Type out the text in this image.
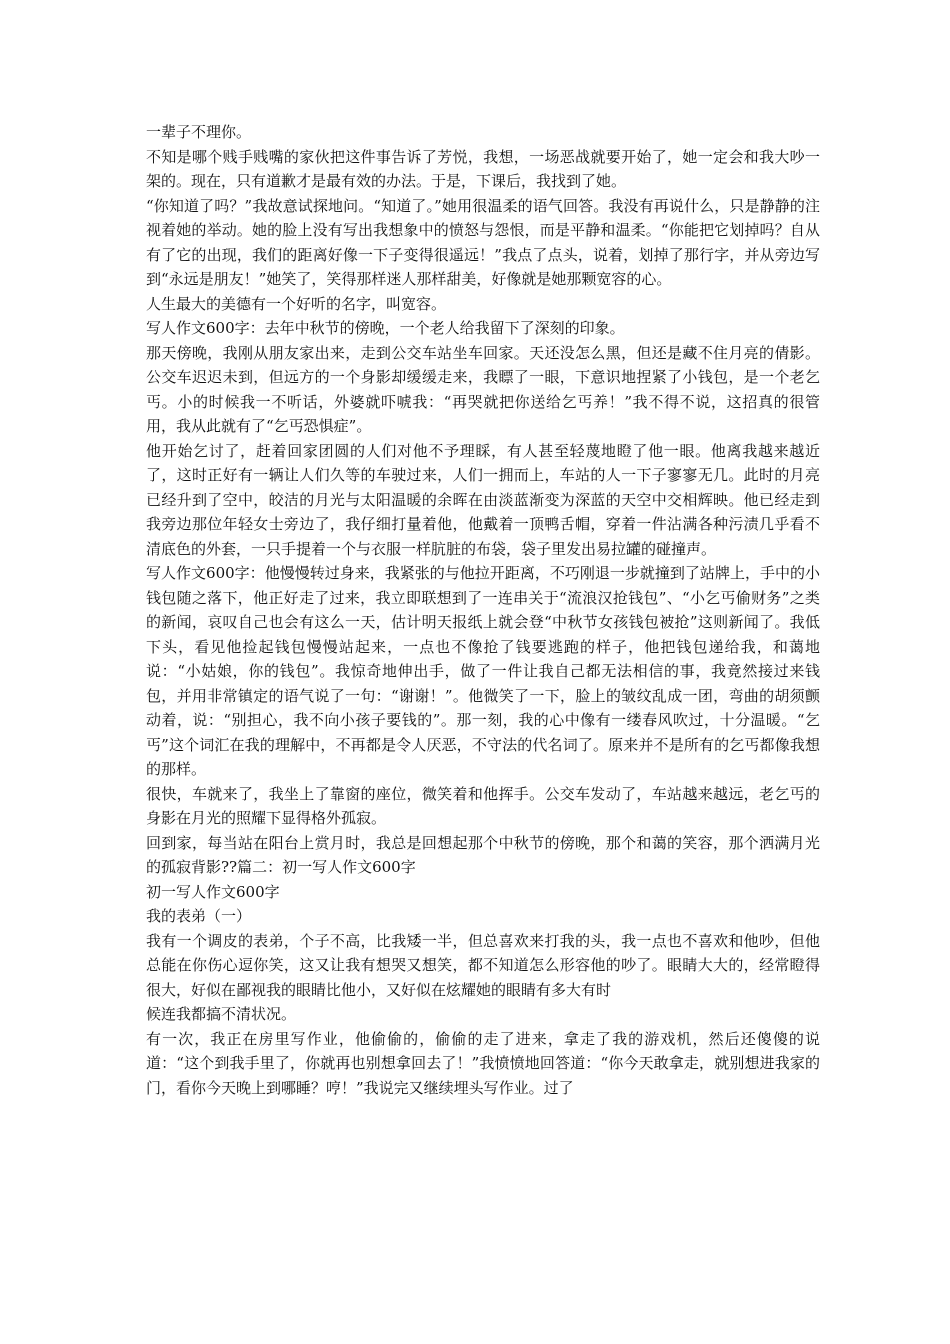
一辈子不理你。

不知是哪个贱手贱嘴的家伙把这件事告诉了芳悦，我想，一场恶战就要开始了，她一定会和我大吵一架的。现在，只有道歉才是最有效的办法。于是，下课后，我找到了她。

“你知道了吗？”我故意试探地问。“知道了。”她用很温柔的语气回答。我没有再说什么，只是静静的注视着她的举动。她的脸上没有写出我想象中的愤怒与怨恨，而是平静和温柔。“你能把它划掉吗？自从有了它的出现，我们的距离好像一下子变得很遥远！”我点了点头，说着，划掉了那行字，并从旁边写到“永远是朋友！”她笑了，笑得那样迷人那样甜美，好像就是她那颗宽容的心。

人生最大的美德有一个好听的名字，叫宽容。

写人作文600字：去年中秋节的傍晚，一个老人给我留下了深刻的印象。

那天傍晚，我刚从朋友家出来，走到公交车站坐车回家。天还没怎么黑，但还是藏不住月亮的倩影。公交车迟迟未到，但远方的一个身影却缓缓走来，我瞟了一眼，下意识地捏紧了小钱包，是一个老乞丐。小的时候我一不听话，外婆就吓唬我：“再哭就把你送给乞丐养！”我不得不说，这招真的很管用，我从此就有了“乞丐恐惧症”。

他开始乞讨了，赶着回家团圆的人们对他不予理睬，有人甚至轻蔑地瞪了他一眼。他离我越来越近了，这时正好有一辆让人们久等的车驶过来，人们一拥而上，车站的人一下子寥寥无几。此时的月亮已经升到了空中，皎洁的月光与太阳温暖的余晖在由淡蓝渐变为深蓝的天空中交相辉映。他已经走到我旁边那位年轻女士旁边了，我仔细打量着他，他戴着一顶鸭舌帽，穿着一件沾满各种污渍几乎看不清底色的外套，一只手提着一个与衣服一样肮脏的布袋，袋子里发出易拉罐的碰撞声。

写人作文600字：他慢慢转过身来，我紧张的与他拉开距离，不巧刚退一步就撞到了站牌上，手中的小钱包随之落下，他正好走了过来，我立即联想到了一连串关于“流浪汉抢钱包”、“小乞丐偷财务”之类的新闻，哀叹自己也会有这么一天，估计明天报纸上就会登“中秋节女孩钱包被抢”这则新闻了。我低下头，看见他捡起钱包慢慢站起来，一点也不像抢了钱要逃跑的样子，他把钱包递给我，和蔼地说：“小姑娘，你的钱包”。我惊奇地伸出手，做了一件让我自己都无法相信的事，我竟然接过来钱包，并用非常镇定的语气说了一句：“谢谢！”。他微笑了一下，脸上的皱纹乱成一团，弯曲的胡须颤动着，说：“别担心，我不向小孩子要钱的”。那一刻，我的心中像有一缕春风吹过，十分温暖。“乞丐”这个词汇在我的理解中，不再都是令人厌恶，不守法的代名词了。原来并不是所有的乞丐都像我想的那样。

很快，车就来了，我坐上了靠窗的座位，微笑着和他挥手。公交车发动了，车站越来越远，老乞丐的身影在月光的照耀下显得格外孤寂。

回到家，每当站在阳台上赏月时，我总是回想起那个中秋节的傍晚，那个和蔼的笑容，那个洒满月光的孤寂背影??篇二：初一写人作文600字

初一写人作文600字

我的表弟（一）

我有一个调皮的表弟，个子不高，比我矮一半，但总喜欢来打我的头，我一点也不喜欢和他吵，但他总能在你伤心逗你笑，这又让我有想哭又想笑，都不知道怎么形容他的吵了。眼睛大大的，经常瞪得很大，好似在鄙视我的眼睛比他小，又好似在炫耀她的眼睛有多大有时

候连我都搞不清状况。

有一次，我正在房里写作业，他偷偷的，偷偷的走了进来，拿走了我的游戏机，然后还傻傻的说道：“这个到我手里了，你就再也别想拿回去了！”我愤愤地回答道：“你今天敢拿走，就别想进我家的门，看你今天晚上到哪睡？哼！”我说完又继续埋头写作业。过了
